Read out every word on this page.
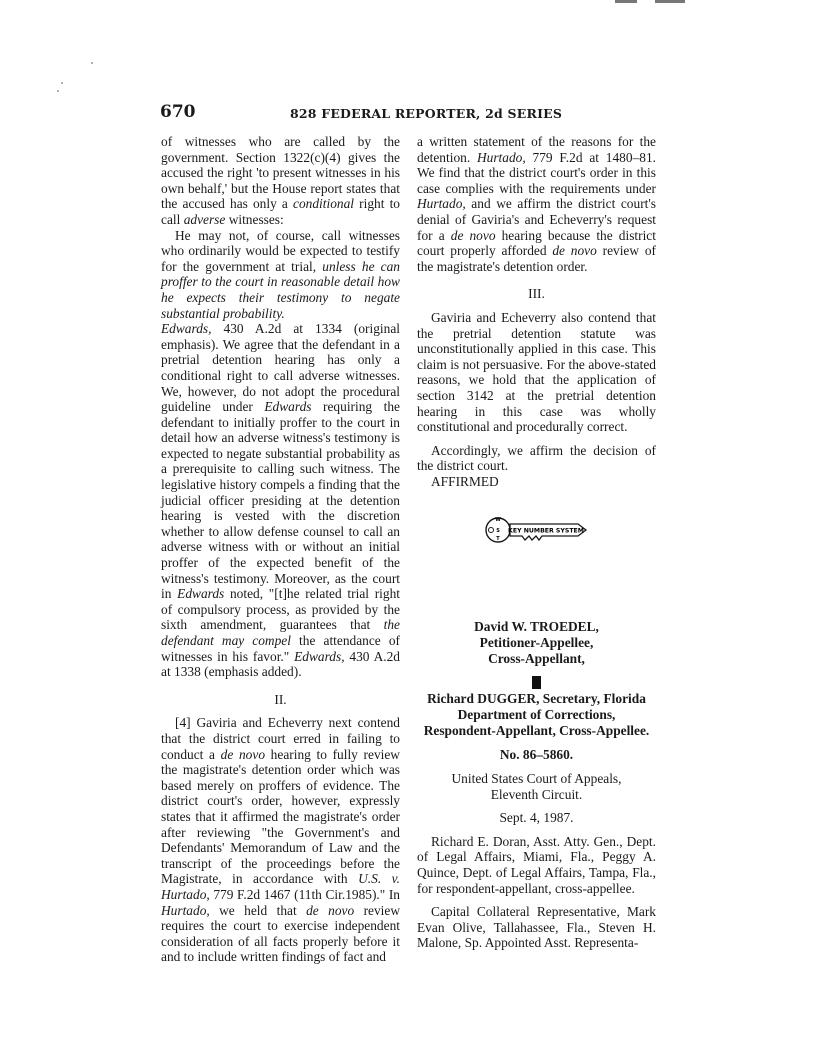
670	828 FEDERAL REPORTER, 2d SERIES

of witnesses who are called by the government. Section 1322(c)(4) gives the accused the right 'to present witnesses in his own behalf,' but the House report states that the accused has only a conditional right to call adverse witnesses:

He may not, of course, call witnesses who ordinarily would be expected to testify for the government at trial, unless he can proffer to the court in reasonable detail how he expects their testimony to negate substantial probability.

Edwards, 430 A.2d at 1334 (original emphasis). We agree that the defendant in a pretrial detention hearing has only a conditional right to call adverse witnesses. We, however, do not adopt the procedural guideline under Edwards requiring the defendant to initially proffer to the court in detail how an adverse witness's testimony is expected to negate substantial probability as a prerequisite to calling such witness. The legislative history compels a finding that the judicial officer presiding at the detention hearing is vested with the discretion whether to allow defense counsel to call an adverse witness with or without an initial proffer of the expected benefit of the witness's testimony. Moreover, as the court in Edwards noted, "[t]he related trial right of compulsory process, as provided by the sixth amendment, guarantees that the defendant may compel the attendance of witnesses in his favor." Edwards, 430 A.2d at 1338 (emphasis added).

II.

[4] Gaviria and Echeverry next contend that the district court erred in failing to conduct a de novo hearing to fully review the magistrate's detention order which was based merely on proffers of evidence. The district court's order, however, expressly states that it affirmed the magistrate's order after reviewing "the Government's and Defendants' Memorandum of Law and the transcript of the proceedings before the Magistrate, in accordance with U.S. v. Hurtado, 779 F.2d 1467 (11th Cir.1985)." In Hurtado, we held that de novo review requires the court to exercise independent consideration of all facts properly before it and to include written findings of fact and

a written statement of the reasons for the detention. Hurtado, 779 F.2d at 1480–81. We find that the district court's order in this case complies with the requirements under Hurtado, and we affirm the district court's denial of Gaviria's and Echeverry's request for a de novo hearing because the district court properly afforded de novo review of the magistrate's detention order.

III.

Gaviria and Echeverry also contend that the pretrial detention statute was unconstitutionally applied in this case. This claim is not persuasive. For the above-stated reasons, we hold that the application of section 3142 at the pretrial detention hearing in this case was wholly constitutional and procedurally correct.

Accordingly, we affirm the decision of the district court.

AFFIRMED

W
S
T
KEY NUMBER SYSTEM
David W. TROEDEL,
Petitioner-Appellee,
Cross-Appellant,
v.
Richard DUGGER, Secretary, Florida
Department of Corrections,
Respondent-Appellant, Cross-Appellee.

No. 86–5860.

United States Court of Appeals,

Eleventh Circuit.

Sept. 4, 1987.

Richard E. Doran, Asst. Atty. Gen., Dept. of Legal Affairs, Miami, Fla., Peggy A. Quince, Dept. of Legal Affairs, Tampa, Fla., for respondent-appellant, cross-appellee.

Capital Collateral Representative, Mark Evan Olive, Tallahassee, Fla., Steven H. Malone, Sp. Appointed Asst. Representa-
